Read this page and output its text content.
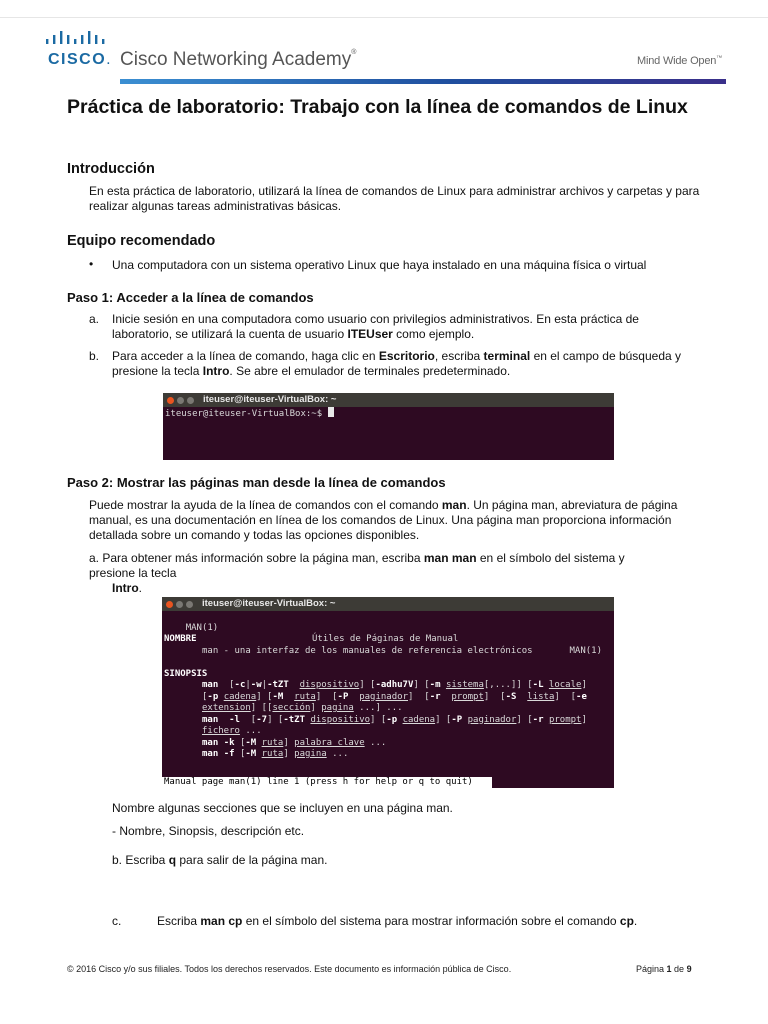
CISCO. Cisco Networking Academy®
Mind Wide Open™
Práctica de laboratorio: Trabajo con la línea de comandos de Linux
Introducción

En esta práctica de laboratorio, utilizará la línea de comandos de Linux para administrar archivos y carpetas y para realizar algunas tareas administrativas básicas.

Equipo recomendado
• Una computadora con un sistema operativo Linux que haya instalado en una máquina física o virtual

Paso 1: Acceder a la línea de comandos
a. Inicie sesión en una computadora como usuario con privilegios administrativos. En esta práctica de laboratorio, se utilizará la cuenta de usuario ITEUser como ejemplo.

b. Para acceder a la línea de comando, haga clic en Escritorio, escriba terminal en el campo de búsqueda y presione la tecla Intro. Se abre el emulador de terminales predeterminado.

iteuser@iteuser-VirtualBox: ~
iteuser@iteuser-VirtualBox:~$
Paso 2: Mostrar las páginas man desde la línea de comandos

Puede mostrar la ayuda de la línea de comandos con el comando man. Un página man, abreviatura de página manual, es una documentación en línea de los comandos de Linux. Una página man proporciona información detallada sobre un comando y todas las opciones disponibles.

a. Para obtener más información sobre la página man, escriba man man en el símbolo del sistema y presione la tecla
Intro.

iteuser@iteuser-VirtualBox: ~

MAN(1)

Útiles de Páginas de Manual

MAN(1)

NOMBRE
man - una interfaz de los manuales de referencia electrónicos

SINOPSIS
man  [-c|-w|-tZT dispositivo] [-adhu7V] [-m sistema[,...]] [-L locale]
[-p cadena] [-M ruta]  [-P paginador]  [-r prompt]  [-S lista]  [-e
extension] [[sección] pagina ...] ...
man -l  [-7] [-tZT dispositivo] [-p cadena] [-P paginador] [-r prompt]
fichero ...
man -k [-M ruta] palabra_clave ...
man -f [-M ruta] pagina ...
Manual page man(1) line 1 (press h for help or q to quit)

Nombre algunas secciones que se incluyen en una página man.

- Nombre, Sinopsis, descripción etc.

b. Escriba q para salir de la página man.

c.	Escriba man cp en el símbolo del sistema para mostrar información sobre el comando cp.

© 2016 Cisco y/o sus filiales. Todos los derechos reservados. Este documento es información pública de Cisco.	Página 1 de 9
